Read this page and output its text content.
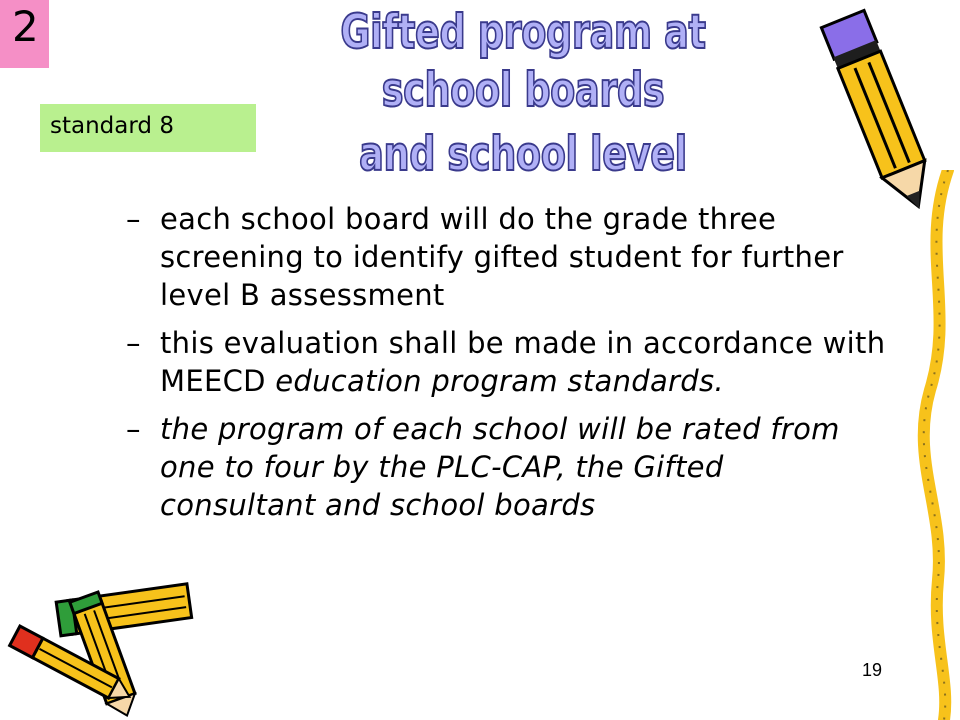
2
standard 8
Gifted program at school boards
and school level
– each school board will do the grade three screening to identify gifted student for further level B assessment
– this evaluation shall be made in accordance with MEECD education program standards.
– the program of each school will be rated from one to four by the PLC-CAP, the Gifted consultant and school boards
19
